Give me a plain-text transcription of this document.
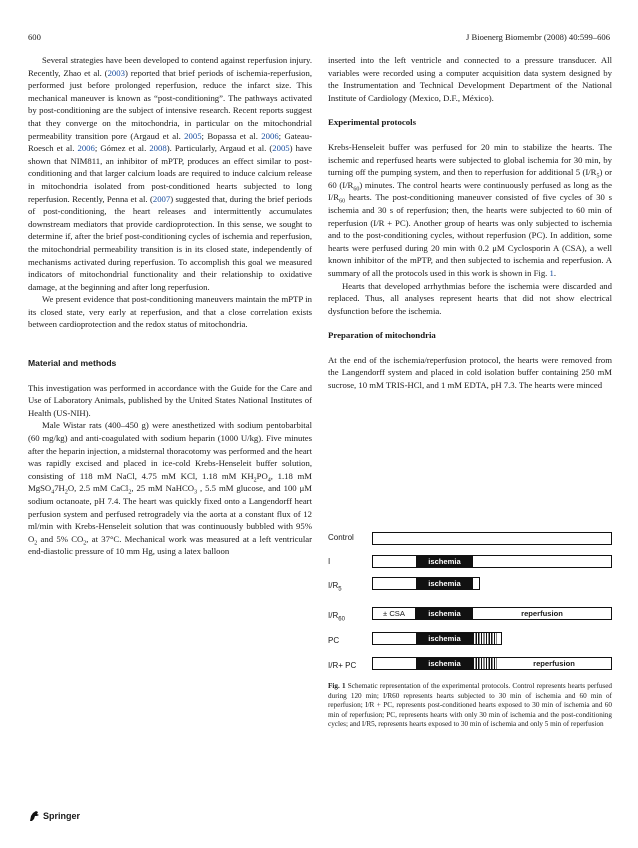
600	J Bioenerg Biomembr (2008) 40:599–606

Several strategies have been developed to contend against reperfusion injury. Recently, Zhao et al. (2003) reported that brief periods of ischemia-reperfusion, performed just before prolonged reperfusion, reduce the infarct size. This mechanical maneuver is known as “post-conditioning”. The pathways activated by post-conditioning are the subject of intensive research. Recent reports suggest that they converge on the mitochondria, in particular on the mitochondrial permeability transition pore (Argaud et al. 2005; Bopassa et al. 2006; Gateau-Roesch et al. 2006; Gómez et al. 2008). Particularly, Argaud et al. (2005) have shown that NIM811, an inhibitor of mPTP, produces an effect similar to post-conditioning and that larger calcium loads are required to induce calcium release in mitochondria isolated from post-conditioned hearts subjected to long reperfusion. Recently, Penna et al. (2007) suggested that, during the brief periods of post-conditioning, the heart releases and intermittently accumulates downstream mediators that provide cardioprotection. In this sense, we sought to determine if, after the brief post-conditioning cycles of ischemia and reperfusion, the mitochondrial permeability transition is in its closed state, independently of mechanisms activated during reperfusion. To accomplish this goal we measured indicators of mitochondrial functionality and their relationship to oxidative damage, at the beginning and after long reperfusion.

We present evidence that post-conditioning maneuvers maintain the mPTP in its closed state, very early at reperfusion, and that a close correlation exists between cardioprotection and the redox status of mitochondria.

Material and methods

This investigation was performed in accordance with the Guide for the Care and Use of Laboratory Animals, published by the United States National Institutes of Health (US-NIH).

Male Wistar rats (400–450 g) were anesthetized with sodium pentobarbital (60 mg/kg) and anti-coagulated with sodium heparin (1000 U/kg). Five minutes after the heparin injection, a midsternal thoracotomy was performed and the heart was rapidly excised and placed in ice-cold Krebs-Henseleit buffer solution, consisting of 118 mM NaCl, 4.75 mM KCl, 1.18 mM $KH_2PO_4$, 1.18 mM $MgSO_47H_2O$, 2.5 mM CaCl$_2$, 25 mM NaHCO$_3$ , 5.5 mM glucose, and 100 μM sodium octanoate, pH 7.4. The heart was quickly fixed onto a Langendorff heart perfusion system and perfused retrogradely via the aorta at a constant flux of 12 ml/min with Krebs-Henseleit solution that was continuously bubbled with 95% $O_2$ and 5% $CO_2$, at 37°C. Mechanical work was measured at a left ventricular end-diastolic pressure of 10 mm Hg, using a latex balloon

inserted into the left ventricle and connected to a pressure transducer. All variables were recorded using a computer acquisition data system designed by the Instrumentation and Technical Development Department of the National Institute of Cardiology (Mexico, D.F., México).

Experimental protocols

Krebs-Henseleit buffer was perfused for 20 min to stabilize the hearts. The ischemic and reperfused hearts were subjected to global ischemia for 30 min, by turning off the pumping system, and then to reperfusion for additional 5 $(I/R_5)$ or 60 $(I/R_{60})$ minutes. The control hearts were continuously perfused as long as the $I/R_{60}$ hearts. The post-conditioning maneuver consisted of five cycles of 30 s ischemia and 30 s of reperfusion; then, the hearts were subjected to 60 min of reperfusion (I/R + PC). Another group of hearts was only subjected to ischemia and to the post-conditioning cycles, without reperfusion (PC). In addition, some hearts were perfused during 20 min with 0.2 μM Cyclosporin A (CSA), a well known inhibitor of the mPTP, and then subjected to ischemia and reperfusion. A summary of all the protocols used in this work is shown in Fig. 1.

Hearts that developed arrhythmias before the ischemia were discarded and replaced. Thus, all analyses represent hearts that did not show electrical dysfunction before the ischemia.

Preparation of mitochondria

At the end of the ischemia/reperfusion protocol, the hearts were removed from the Langendorff system and placed in cold isolation buffer containing 250 mM sucrose, 10 mM TRIS-HCl, and 1 mM EDTA, pH 7.3. The hearts were minced

Control
I	ischemia
$I/R_5$
ischemia
$I/R_{60}$
± CSA	ischemia	reperfusion
PC	ischemia
I/R+ PC	ischemia	reperfusion
Fig. 1 Schematic representation of the experimental protocols. Control represents hearts perfused during 120 min; I/R60 represents hearts subjected to 30 min of ischemia and 60 min of reperfusion; I/R + PC, represents post-conditioned hearts exposed to 30 min of ischemia and 60 min of reperfusion; PC, represents hearts with only 30 min of ischemia and the post-conditioning cycles; and I/R5, represents hearts exposed to 30 min of ischemia and only 5 min of reperfusion
Springer
